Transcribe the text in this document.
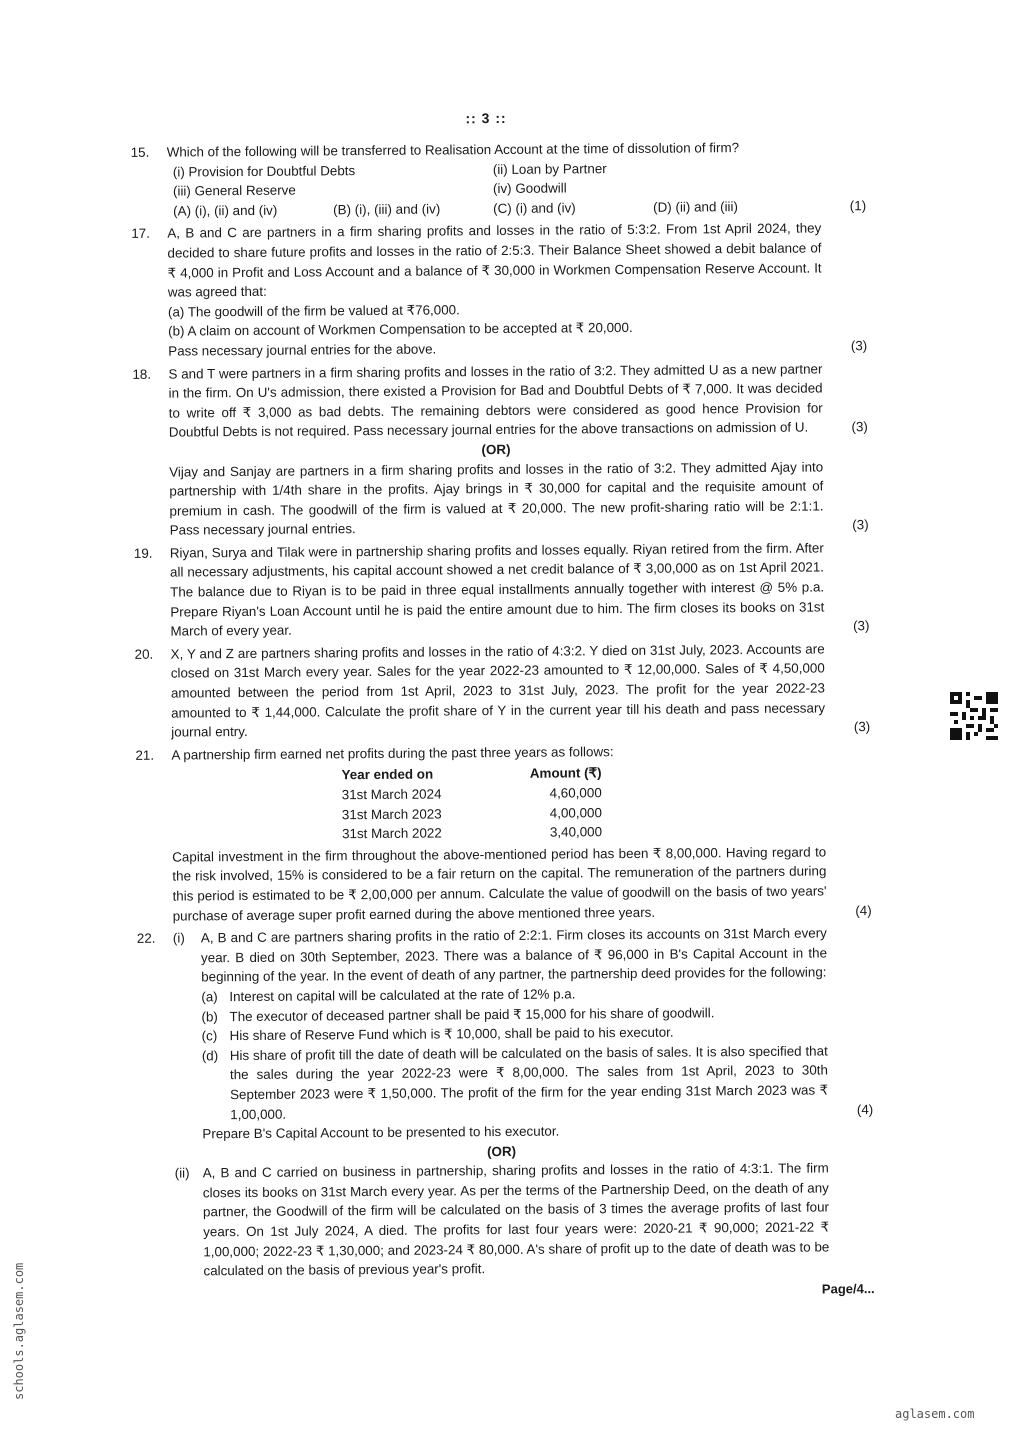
:: 3 ::
15.	Which of the following will be transferred to Realisation Account at the time of dissolution of firm?
(i) Provision for Doubtful Debts	(ii) Loan by Partner
(iii) General Reserve	(iv) Goodwill
(A) (i), (ii) and (iv)	(B) (i), (iii) and (iv)	(C) (i) and (iv)	(D) (ii) and (iii)	(1)
17.	A, B and C are partners in a firm sharing profits and losses in the ratio of 5:3:2. From 1st April 2024, they decided to share future profits and losses in the ratio of 2:5:3. Their Balance Sheet showed a debit balance of ₹ 4,000 in Profit and Loss Account and a balance of ₹ 30,000 in Workmen Compensation Reserve Account. It was agreed that:
(a) The goodwill of the firm be valued at ₹76,000.
(b) A claim on account of Workmen Compensation to be accepted at ₹ 20,000.
Pass necessary journal entries for the above.	(3)
18.	S and T were partners in a firm sharing profits and losses in the ratio of 3:2. They admitted U as a new partner in the firm. On U's admission, there existed a Provision for Bad and Doubtful Debts of ₹ 7,000. It was decided to write off ₹ 3,000 as bad debts. The remaining debtors were considered as good hence Provision for Doubtful Debts is not required. Pass necessary journal entries for the above transactions on admission of U.	(3)
(OR)
Vijay and Sanjay are partners in a firm sharing profits and losses in the ratio of 3:2. They admitted Ajay into partnership with 1/4th share in the profits. Ajay brings in ₹ 30,000 for capital and the requisite amount of premium in cash. The goodwill of the firm is valued at ₹ 20,000. The new profit-sharing ratio will be 2:1:1. Pass necessary journal entries.	(3)
19.	Riyan, Surya and Tilak were in partnership sharing profits and losses equally. Riyan retired from the firm. After all necessary adjustments, his capital account showed a net credit balance of ₹ 3,00,000 as on 1st April 2021. The balance due to Riyan is to be paid in three equal installments annually together with interest @ 5% p.a. Prepare Riyan's Loan Account until he is paid the entire amount due to him. The firm closes its books on 31st March of every year.	(3)
20.	X, Y and Z are partners sharing profits and losses in the ratio of 4:3:2. Y died on 31st July, 2023. Accounts are closed on 31st March every year. Sales for the year 2022-23 amounted to ₹ 12,00,000. Sales of ₹ 4,50,000 amounted between the period from 1st April, 2023 to 31st July, 2023. The profit for the year 2022-23 amounted to ₹ 1,44,000. Calculate the profit share of Y in the current year till his death and pass necessary journal entry.	(3)
21.	A partnership firm earned net profits during the past three years as follows:
Year ended on	Amount (₹)
31st March 2024	4,60,000
31st March 2023	4,00,000
31st March 2022	3,40,000
Capital investment in the firm throughout the above-mentioned period has been ₹ 8,00,000. Having regard to the risk involved, 15% is considered to be a fair return on the capital. The remuneration of the partners during this period is estimated to be ₹ 2,00,000 per annum. Calculate the value of goodwill on the basis of two years' purchase of average super profit earned during the above mentioned three years.	(4)
22.	(i)	A, B and C are partners sharing profits in the ratio of 2:2:1. Firm closes its accounts on 31st March every year. B died on 30th September, 2023. There was a balance of ₹ 96,000 in B's Capital Account in the beginning of the year. In the event of death of any partner, the partnership deed provides for the following:
(a) Interest on capital will be calculated at the rate of 12% p.a.
(b) The executor of deceased partner shall be paid ₹ 15,000 for his share of goodwill.
(c) His share of Reserve Fund which is ₹ 10,000, shall be paid to his executor.
(d) His share of profit till the date of death will be calculated on the basis of sales. It is also specified that the sales during the year 2022-23 were ₹ 8,00,000. The sales from 1st April, 2023 to 30th September 2023 were ₹ 1,50,000. The profit of the firm for the year ending 31st March 2023 was ₹ 1,00,000.	(4)
Prepare B's Capital Account to be presented to his executor.
(OR)
(ii) A, B and C carried on business in partnership, sharing profits and losses in the ratio of 4:3:1. The firm closes its books on 31st March every year. As per the terms of the Partnership Deed, on the death of any partner, the Goodwill of the firm will be calculated on the basis of 3 times the average profits of last four years. On 1st July 2024, A died. The profits for last four years were: 2020-21 ₹ 90,000; 2021-22 ₹ 1,00,000; 2022-23 ₹ 1,30,000; and 2023-24 ₹ 80,000. A's share of profit up to the date of death was to be calculated on the basis of previous year's profit.
Page/4...
schools.aglasem.com
aglasem.com
